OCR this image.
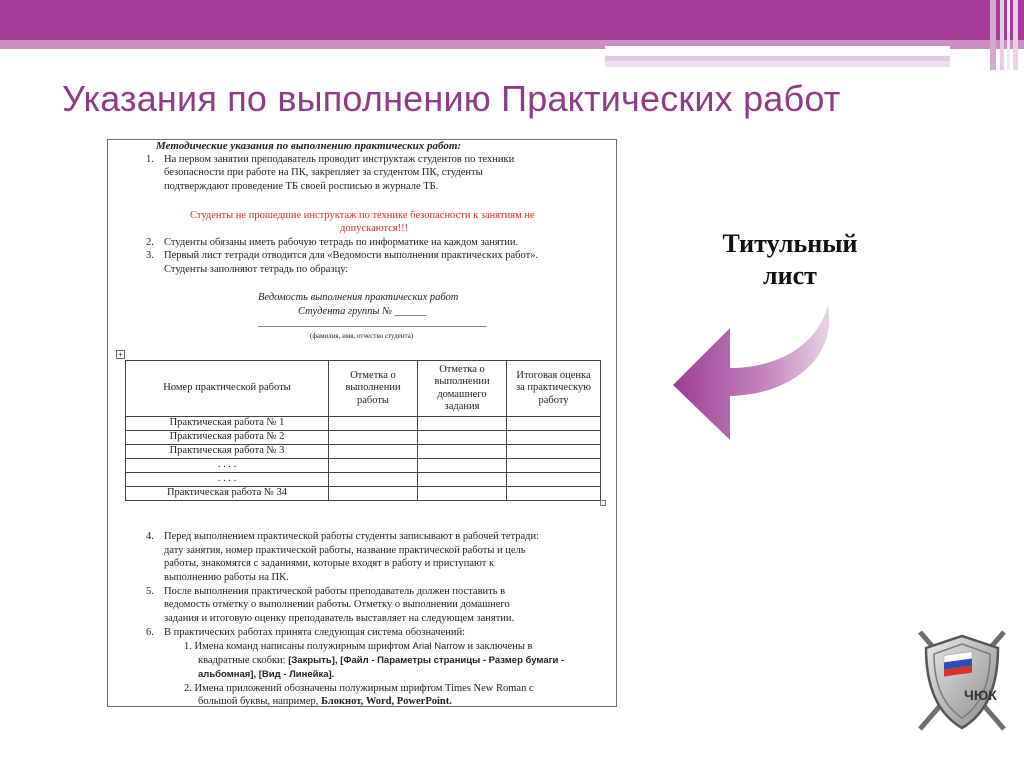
Указания по выполнению Практических работ
Методические указания по выполнению практических работ:
1. На первом занятии преподаватель проводит инструктаж студентов по техники
безопасности при работе на ПК, закрепляет за студентом ПК, студенты
подтверждают проведение ТБ своей росписью в журнале ТБ.
Студенты не прошедшие инструктаж по технике безопасности к занятиям не
допускаются!!!
2. Студенты обязаны иметь рабочую тетрадь по информатике на каждом занятии.
3. Первый лист тетради отводится для «Ведомости выполнения практических работ».
Студенты заполняют тетрадь по образцу:
Ведомость выполнения практических работ
Студента группы № ______
________________________________________________
(фамилия, имя, отчество студента)
+
Номер практической работы	Отметка о выполнении работы	Отметка о выполнении домашнего задания	Итоговая оценка за практическую работу
Практическая работа № 1			
Практическая работа № 2			
Практическая работа № 3			
. . . .			
. . . .			
Практическая работа № 34			
4. Перед выполнением практической работы студенты записывают в рабочей тетради:
дату занятия, номер практической работы, название практической работы и цель
работы, знакомятся с заданиями, которые входят в работу и приступают к
выполнению работы на ПК.
5. После выполнения практической работы преподаватель должен поставить в
ведомость отметку о выполнении работы. Отметку о выполнении домашнего
задания и итоговую оценку преподаватель выставляет на следующем занятии.
6. В практических работах принята следующая система обозначений:
1. Имена команд написаны полужирным шрифтом Arial Narrow и заключены в
квадратные скобки: [Закрыть], [Файл - Параметры страницы - Размер бумаги -
альбомная], [Вид - Линейка].
2. Имена приложений обозначены полужирным шрифтом Times New Roman с
большой буквы, например, Блокнот, Word, PowerPoint.
Титульный
лист
ЧЮК
